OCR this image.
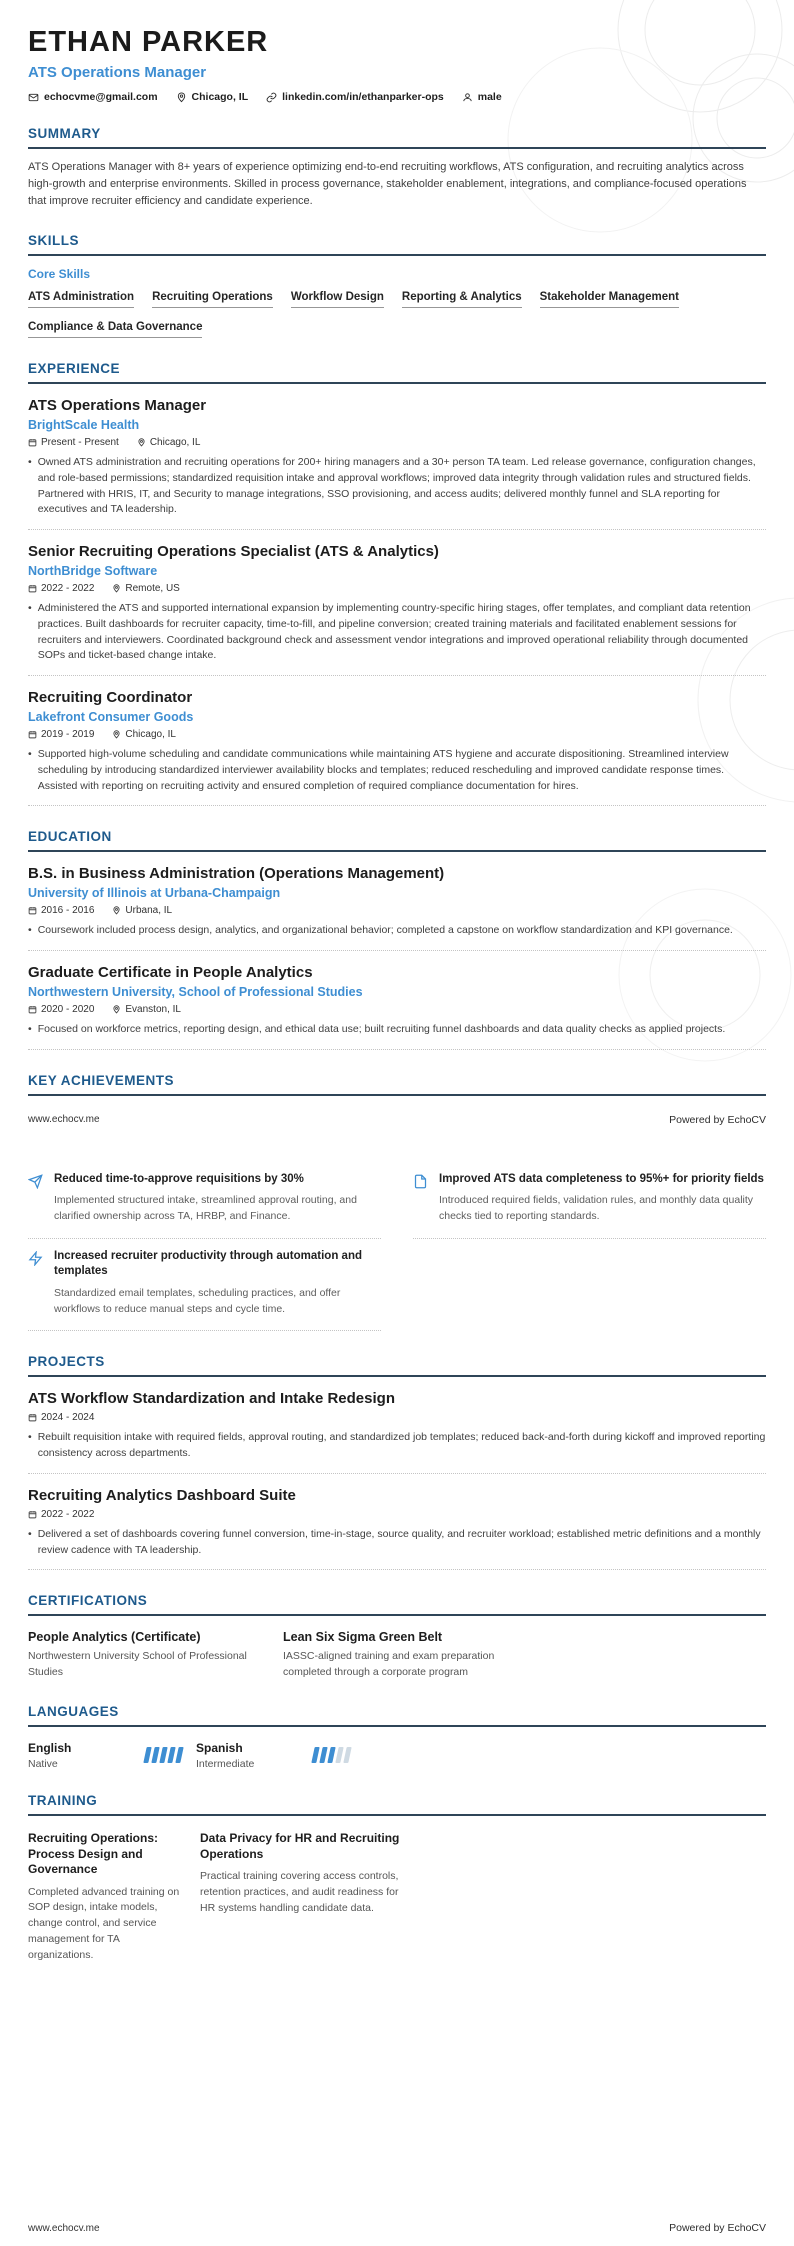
ETHAN PARKER
ATS Operations Manager
echocvme@gmail.com	Chicago, IL	linkedin.com/in/ethanparker-ops	male
SUMMARY

ATS Operations Manager with 8+ years of experience optimizing end-to-end recruiting workflows, ATS configuration, and recruiting analytics across high-growth and enterprise environments. Skilled in process governance, stakeholder enablement, integrations, and compliance-focused operations that improve recruiter efficiency and candidate experience.

SKILLS
Core Skills
ATS Administration Recruiting Operations Workflow Design Reporting & Analytics Stakeholder Management
Compliance & Data Governance
EXPERIENCE
ATS Operations Manager
BrightScale Health
Present - Present	Chicago, IL

• Owned ATS administration and recruiting operations for 200+ hiring managers and a 30+ person TA team. Led release governance, configuration changes, and role-based permissions; standardized requisition intake and approval workflows; improved data integrity through validation rules and structured fields. Partnered with HRIS, IT, and Security to manage integrations, SSO provisioning, and access audits; delivered monthly funnel and SLA reporting for executives and TA leadership.

Senior Recruiting Operations Specialist (ATS & Analytics)
NorthBridge Software
2022 - 2022	Remote, US

• Administered the ATS and supported international expansion by implementing country-specific hiring stages, offer templates, and compliant data retention practices. Built dashboards for recruiter capacity, time-to-fill, and pipeline conversion; created training materials and facilitated enablement sessions for recruiters and interviewers. Coordinated background check and assessment vendor integrations and improved operational reliability through documented SOPs and ticket-based change intake.

Recruiting Coordinator
Lakefront Consumer Goods
2019 - 2019	Chicago, IL

• Supported high-volume scheduling and candidate communications while maintaining ATS hygiene and accurate dispositioning. Streamlined interview scheduling by introducing standardized interviewer availability blocks and templates; reduced rescheduling and improved candidate response times. Assisted with reporting on recruiting activity and ensured completion of required compliance documentation for hires.

EDUCATION
B.S. in Business Administration (Operations Management)
University of Illinois at Urbana-Champaign
2016 - 2016	Urbana, IL

• Coursework included process design, analytics, and organizational behavior; completed a capstone on workflow standardization and KPI governance.

Graduate Certificate in People Analytics
Northwestern University, School of Professional Studies
2020 - 2020	Evanston, IL

• Focused on workforce metrics, reporting design, and ethical data use; built recruiting funnel dashboards and data quality checks as applied projects.

KEY ACHIEVEMENTS
www.echocv.me	Powered by EchoCV
Reduced time-to-approve requisitions by 30%

Implemented structured intake, streamlined approval routing, and clarified ownership across TA, HRBP, and Finance.

Improved ATS data completeness to 95%+ for priority fields

Introduced required fields, validation rules, and monthly data quality checks tied to reporting standards.

Increased recruiter productivity through automation and templates

Standardized email templates, scheduling practices, and offer workflows to reduce manual steps and cycle time.

PROJECTS
ATS Workflow Standardization and Intake Redesign
2024 - 2024

• Rebuilt requisition intake with required fields, approval routing, and standardized job templates; reduced back-and-forth during kickoff and improved reporting consistency across departments.

Recruiting Analytics Dashboard Suite
2022 - 2022

• Delivered a set of dashboards covering funnel conversion, time-in-stage, source quality, and recruiter workload; established metric definitions and a monthly review cadence with TA leadership.

CERTIFICATIONS
People Analytics (Certificate)

Northwestern University School of Professional Studies

Lean Six Sigma Green Belt

IASSC-aligned training and exam preparation completed through a corporate program

LANGUAGES
English
Native
Spanish
Intermediate
TRAINING
Recruiting Operations: Process Design and Governance

Completed advanced training on SOP design, intake models, change control, and service management for TA organizations.

Data Privacy for HR and Recruiting Operations

Practical training covering access controls, retention practices, and audit readiness for HR systems handling candidate data.

www.echocv.me	Powered by EchoCV
